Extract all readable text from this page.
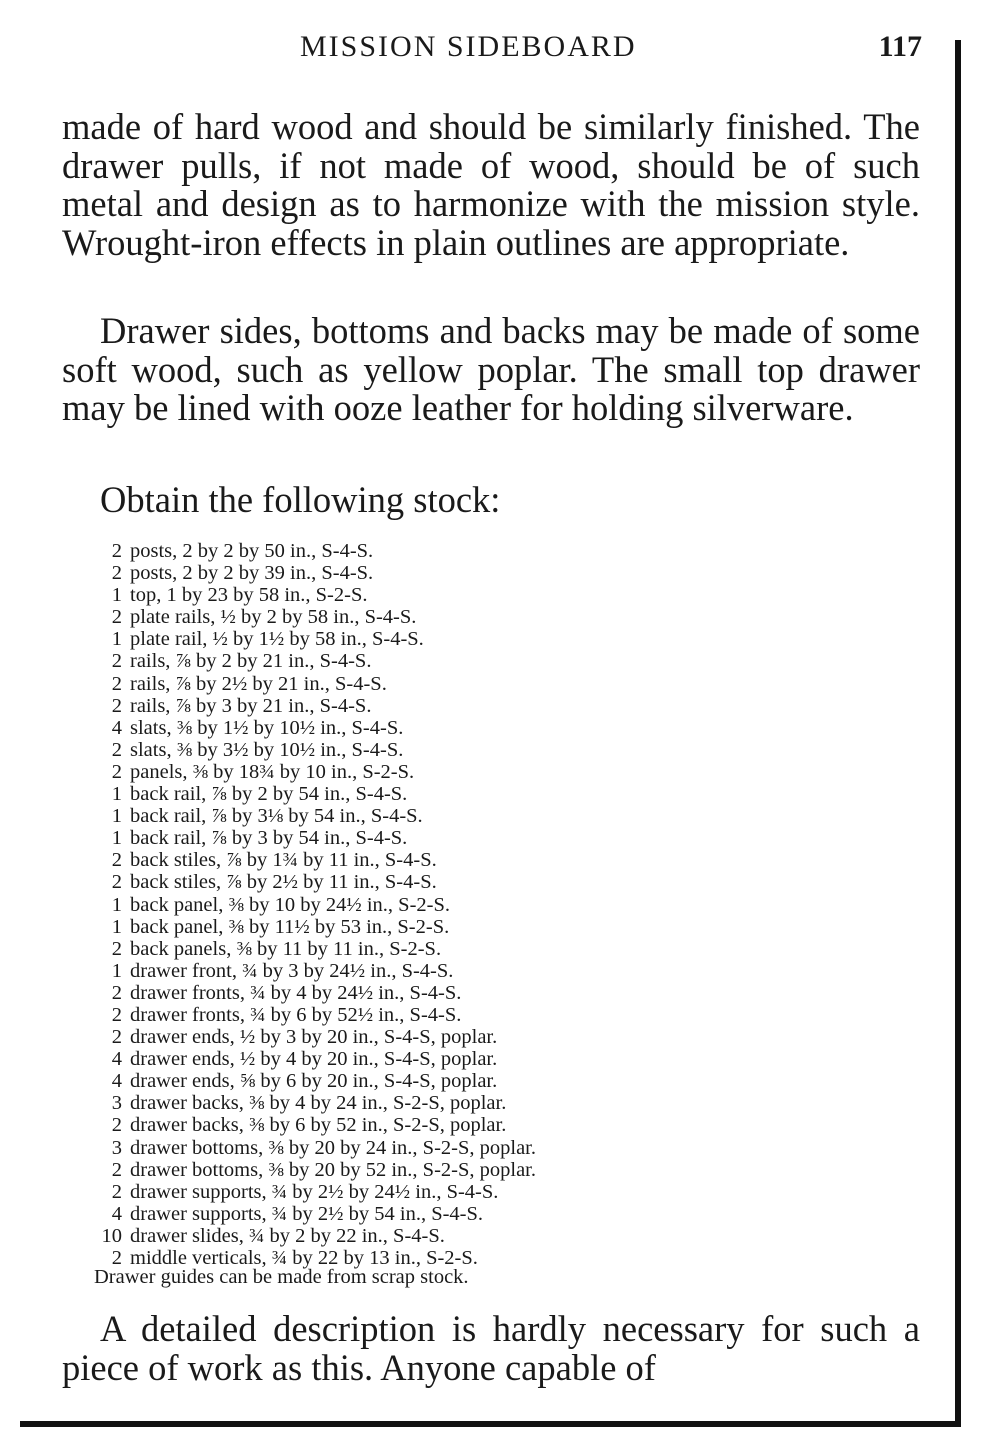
MISSION SIDEBOARD	117

made of hard wood and should be similarly finished. The drawer pulls, if not made of wood, should be of such metal and design as to harmonize with the mission style. Wrought-iron effects in plain outlines are appropriate.

Drawer sides, bottoms and backs may be made of some soft wood, such as yellow poplar. The small top drawer may be lined with ooze leather for holding silverware.

Obtain the following stock:

2 posts, 2 by 2 by 50 in., S-4-S.
2 posts, 2 by 2 by 39 in., S-4-S.
1 top, 1 by 23 by 58 in., S-2-S.
2 plate rails, ½ by 2 by 58 in., S-4-S.
1 plate rail, ½ by 1½ by 58 in., S-4-S.
2 rails, ⅞ by 2 by 21 in., S-4-S.
2 rails, ⅞ by 2½ by 21 in., S-4-S.
2 rails, ⅞ by 3 by 21 in., S-4-S.
4 slats, ⅜ by 1½ by 10½ in., S-4-S.
2 slats, ⅜ by 3½ by 10½ in., S-4-S.
2 panels, ⅜ by 18¾ by 10 in., S-2-S.
1 back rail, ⅞ by 2 by 54 in., S-4-S.
1 back rail, ⅞ by 3⅛ by 54 in., S-4-S.
1 back rail, ⅞ by 3 by 54 in., S-4-S.
2 back stiles, ⅞ by 1¾ by 11 in., S-4-S.
2 back stiles, ⅞ by 2½ by 11 in., S-4-S.
1 back panel, ⅜ by 10 by 24½ in., S-2-S.
1 back panel, ⅜ by 11½ by 53 in., S-2-S.
2 back panels, ⅜ by 11 by 11 in., S-2-S.
1 drawer front, ¾ by 3 by 24½ in., S-4-S.
2 drawer fronts, ¾ by 4 by 24½ in., S-4-S.
2 drawer fronts, ¾ by 6 by 52½ in., S-4-S.
2 drawer ends, ½ by 3 by 20 in., S-4-S, poplar.
4 drawer ends, ½ by 4 by 20 in., S-4-S, poplar.
4 drawer ends, ⅝ by 6 by 20 in., S-4-S, poplar.
3 drawer backs, ⅜ by 4 by 24 in., S-2-S, poplar.
2 drawer backs, ⅜ by 6 by 52 in., S-2-S, poplar.
3 drawer bottoms, ⅜ by 20 by 24 in., S-2-S, poplar.
2 drawer bottoms, ⅜ by 20 by 52 in., S-2-S, poplar.
2 drawer supports, ¾ by 2½ by 24½ in., S-4-S.
4 drawer supports, ¾ by 2½ by 54 in., S-4-S.
10 drawer slides, ¾ by 2 by 22 in., S-4-S.
2 middle verticals, ¾ by 22 by 13 in., S-2-S.

Drawer guides can be made from scrap stock.

A detailed description is hardly necessary for such a piece of work as this. Anyone capable of
